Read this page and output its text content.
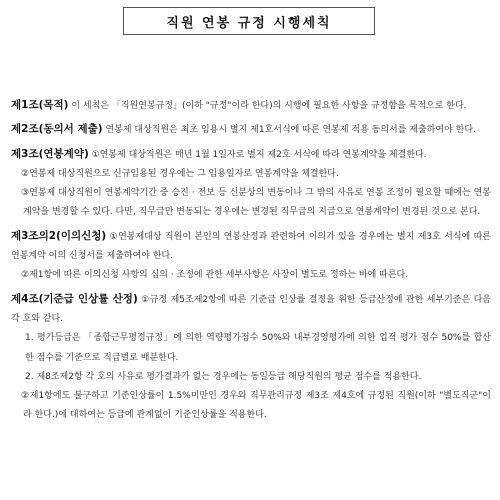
직원 연봉 규정 시행세칙

제1조(목적) 이 세칙은 「직원연봉규정」(이하 "규정"이라 한다)의 시행에 필요한 사항을 규정함을 목적으로 한다.

제2조(동의서 제출) 연봉제 대상직원은 최초 임용시 별지 제1호서식에 따른 연봉제 적용 동의서를 제출하여야 한다.

제3조(연봉계약) ①연봉제 대상직원은 매년 1월 1일자로 별지 제2호 서식에 따라 연봉계약을 체결한다.

②연봉제 대상직원으로 신규임용된 경우에는 그 임용일자로 연봉계약을 체결한다.

③연봉제 대상직원이 연봉계약기간 중 승진 · 전보 등 신분상의 변동이나 그 밖의 사유로 연봉 조정이 필요할 때에는 연봉계약을 변경할 수 있다. 다만, 직무급만 변동되는 경우에는 변경된 직무급의 지급으로 연봉계약이 변경된 것으로 본다.

제3조의2(이의신청) ①연봉제대상 직원이 본인의 연봉산정과 관련하여 이의가 있을 경우에는 별지 제3호 서식에 따른 연봉계약 이의 신청서를 제출하여야 한다.

②제1항에 따른 이의신청 사항의 심의 · 조정에 관한 세부사항은 사장이 별도로 정하는 바에 따른다.

제4조(기준급 인상률 산정) ①규정 제5조제2항에 따른 기준급 인상률 결정을 위한 등급산정에 관한 세부기준은 다음 각 호와 같다.

1. 평가등급은 「종합근무평정규정」에 의한 역량평가점수 50%와 내부경영평가에 의한 업적 평가 점수 50%를 합산한 점수를 기준으로 직급별로 배분한다.

2. 제8조제2항 각 호의 사유로 평가결과가 없는 경우에는 동일등급 해당직원의 평균 점수를 적용한다.

②제1항에도 불구하고 기준인상률이 1.5%미만인 경우와 직무관리규정 제3조 제4호에 규정된 직원(이하 "별도직군"이라 한다.)에 대하여는 등급에 관계없이 기준인상률을 적용한다.
